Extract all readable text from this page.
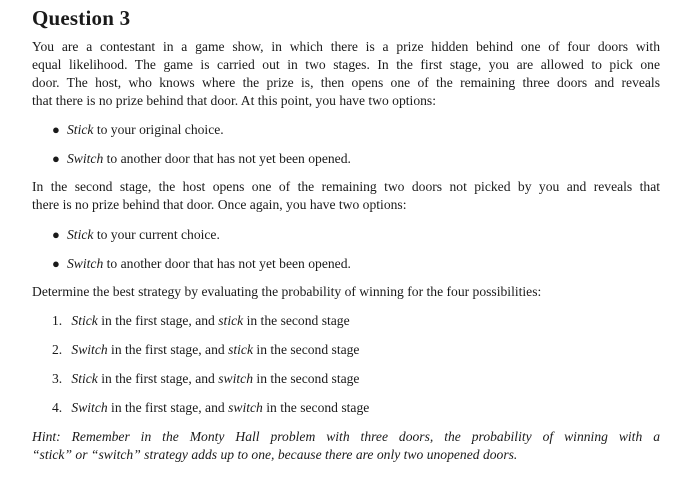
Question 3

You are a contestant in a game show, in which there is a prize hidden behind one of four doors with
equal likelihood. The game is carried out in two stages. In the first stage, you are allowed to pick one
door. The host, who knows where the prize is, then opens one of the remaining three doors and reveals
that there is no prize behind that door. At this point, you have two options:

● Stick to your original choice.

● Switch to another door that has not yet been opened.

In the second stage, the host opens one of the remaining two doors not picked by you and reveals that
there is no prize behind that door. Once again, you have two options:

● Stick to your current choice.

● Switch to another door that has not yet been opened.

Determine the best strategy by evaluating the probability of winning for the four possibilities:

1. Stick in the first stage, and stick in the second stage

2. Switch in the first stage, and stick in the second stage

3. Stick in the first stage, and switch in the second stage

4. Switch in the first stage, and switch in the second stage

Hint: Remember in the Monty Hall problem with three doors, the probability of winning with a
“stick” or “switch” strategy adds up to one, because there are only two unopened doors.
